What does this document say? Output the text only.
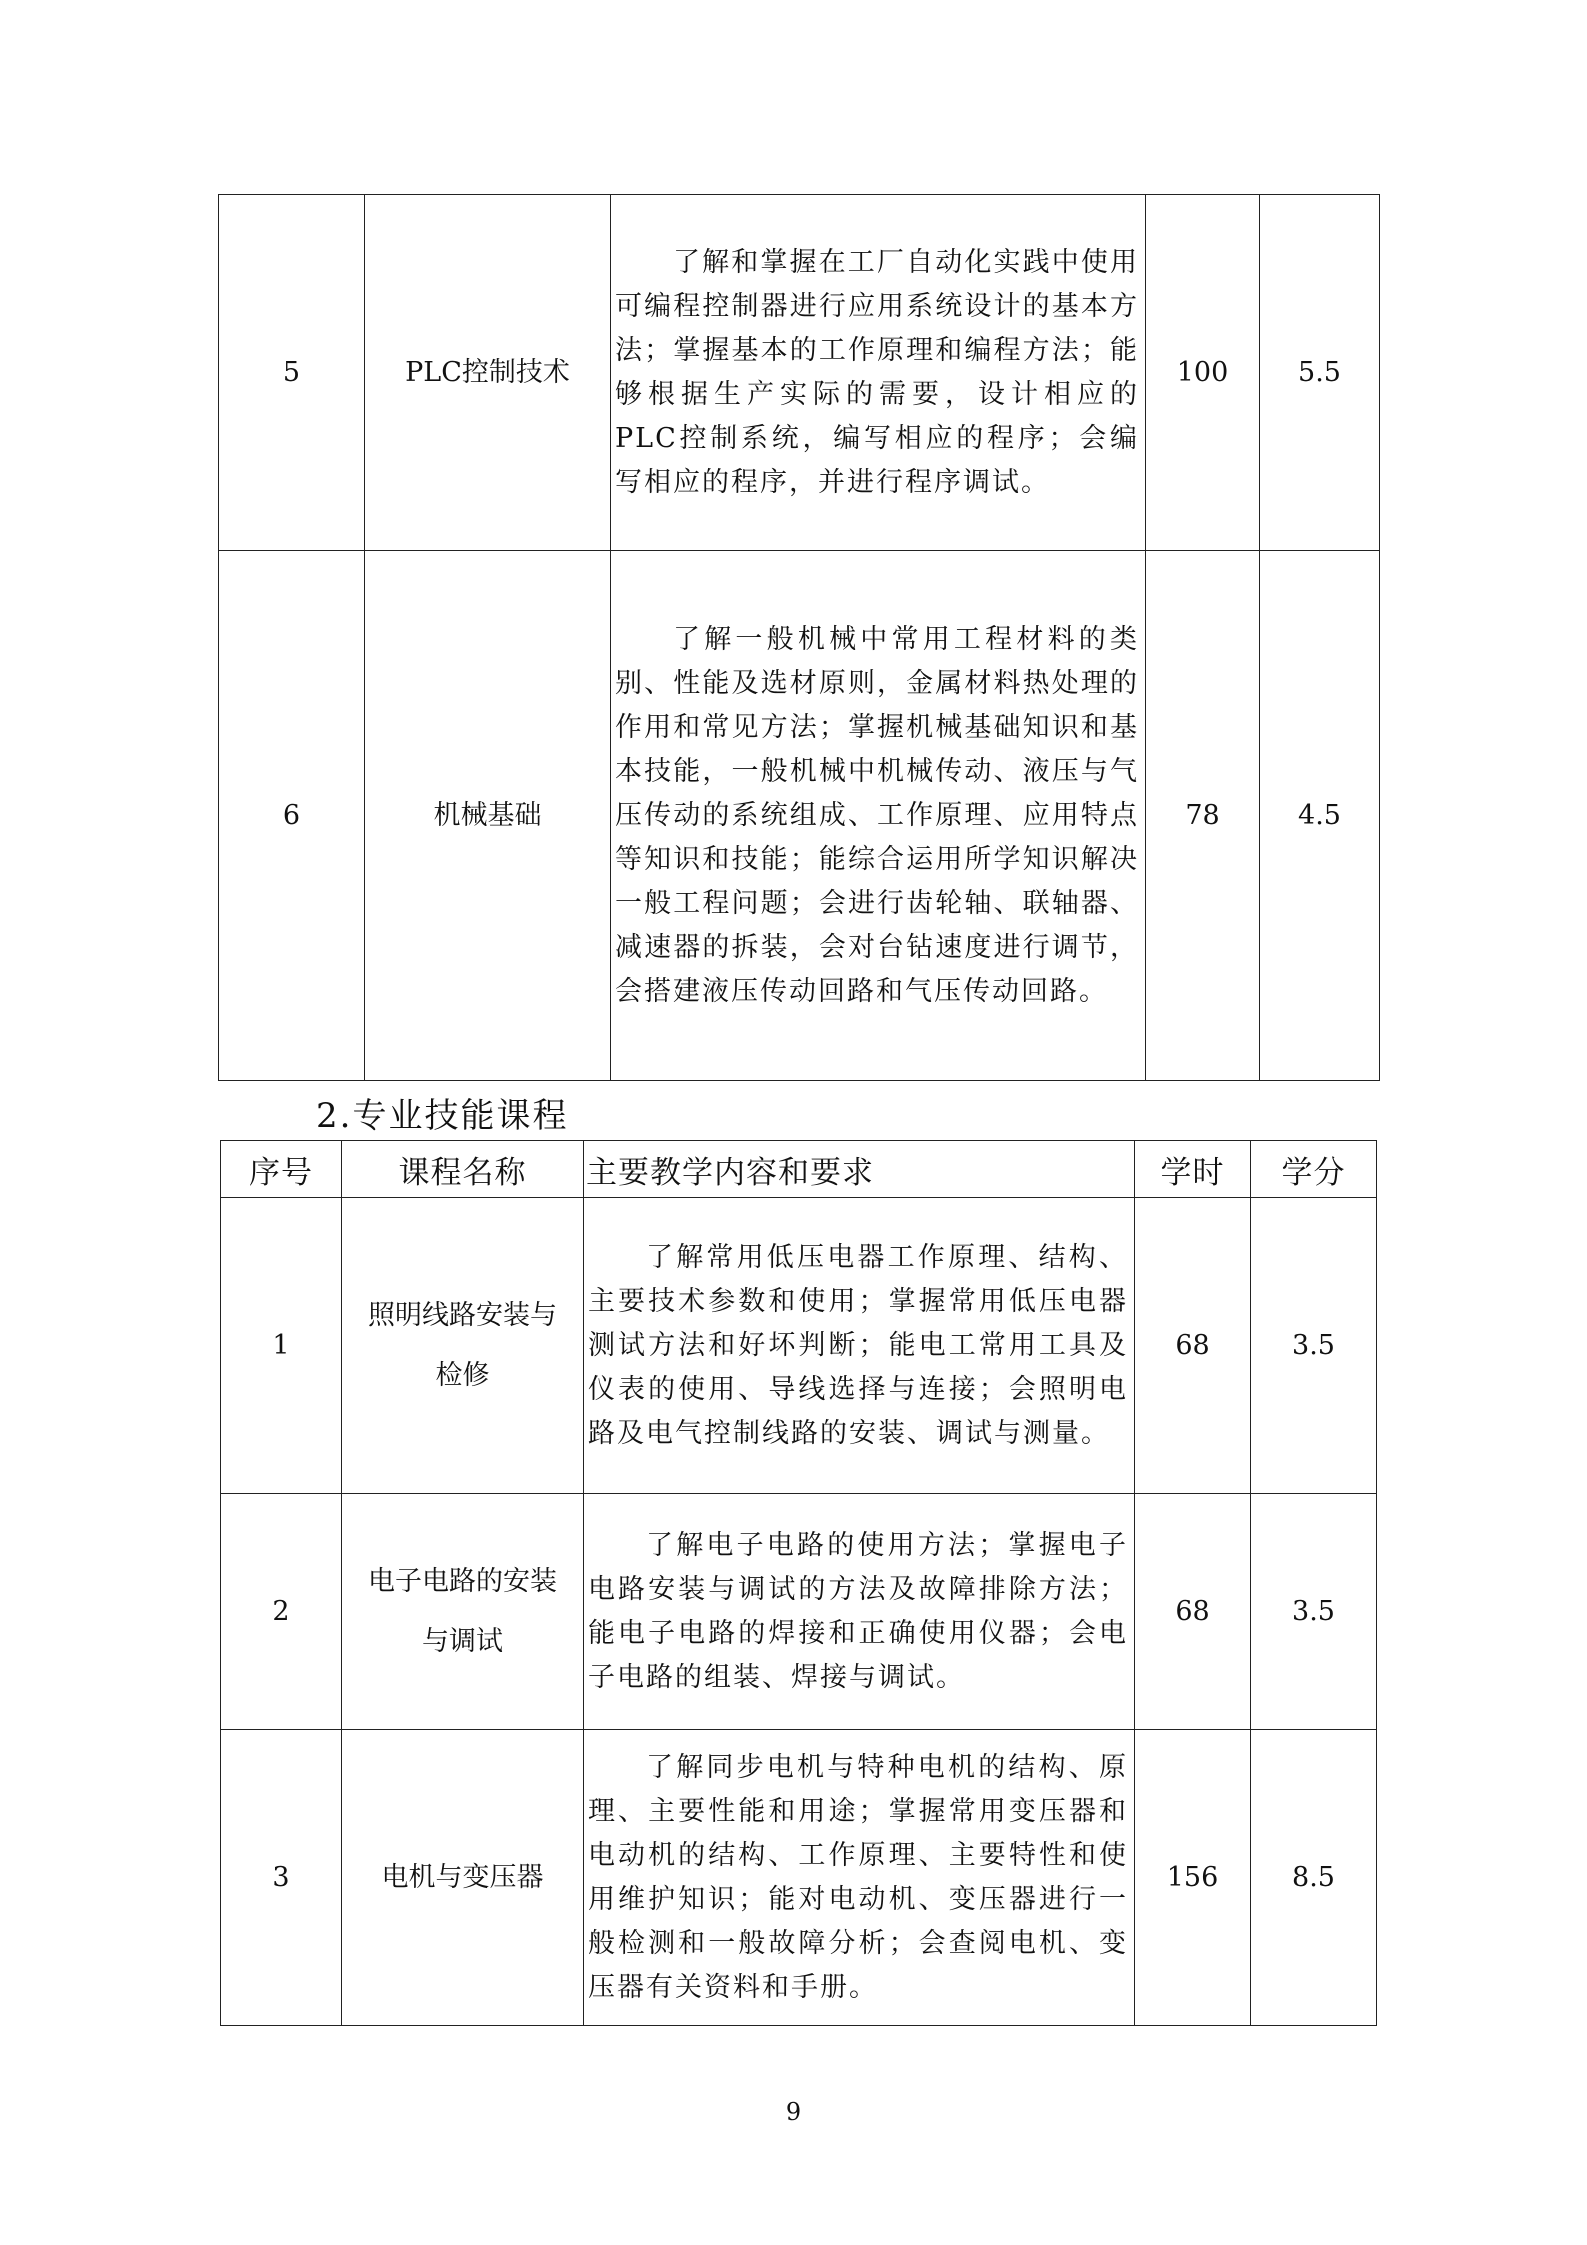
5	PLC控制技术	了解和掌握在工厂自动化实践中使用可编程控制器进行应用系统设计的基本方法；掌握基本的工作原理和编程方法；能够根据生产实际的需要，设计相应的PLC控制系统，编写相应的程序；会编写相应的程序，并进行程序调试。	100	5.5
6	机械基础	了解一般机械中常用工程材料的类别、性能及选材原则，金属材料热处理的作用和常见方法；掌握机械基础知识和基本技能，一般机械中机械传动、液压与气压传动的系统组成、工作原理、应用特点等知识和技能；能综合运用所学知识解决一般工程问题；会进行齿轮轴、联轴器、减速器的拆装，会对台钻速度进行调节，会搭建液压传动回路和气压传动回路。	78	4.5
2.专业技能课程
序号	课程名称	主要教学内容和要求	学时	学分
1	照明线路安装与检修	了解常用低压电器工作原理、结构、主要技术参数和使用；掌握常用低压电器测试方法和好坏判断；能电工常用工具及仪表的使用、导线选择与连接；会照明电路及电气控制线路的安装、调试与测量。	68	3.5
2	电子电路的安装与调试	了解电子电路的使用方法；掌握电子电路安装与调试的方法及故障排除方法；能电子电路的焊接和正确使用仪器；会电子电路的组装、焊接与调试。	68	3.5
3	电机与变压器	了解同步电机与特种电机的结构、原理、主要性能和用途；掌握常用变压器和电动机的结构、工作原理、主要特性和使用维护知识；能对电动机、变压器进行一般检测和一般故障分析；会查阅电机、变压器有关资料和手册。	156	8.5
9
